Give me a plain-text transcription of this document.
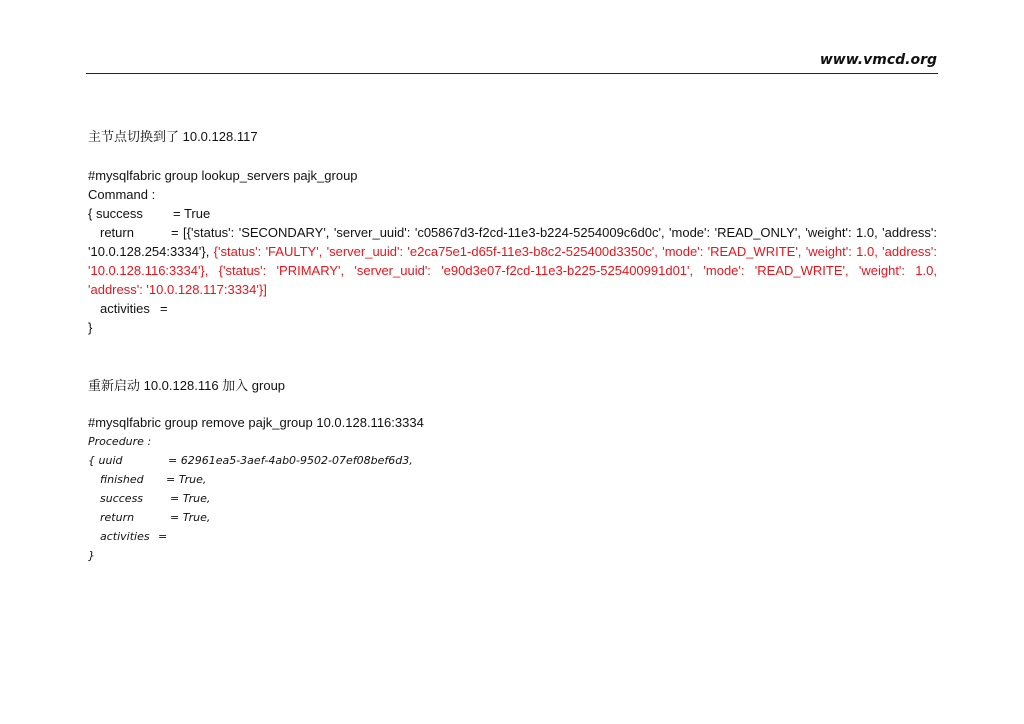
www.vmcd.org
主节点切换到了 10.0.128.117
#mysqlfabric group lookup_servers pajk_group
Command :
{ success = True
return	= [{'status': 'SECONDARY', 'server_uuid': 'c05867d3-f2cd-11e3-b224-5254009c6d0c', 'mode': 'READ_ONLY', 'weight': 1.0, 'address': '10.0.128.254:3334'}, {'status': 'FAULTY', 'server_uuid': 'e2ca75e1-d65f-11e3-b8c2-525400d3350c', 'mode': 'READ_WRITE', 'weight': 1.0, 'address': '10.0.128.116:3334'}, {'status': 'PRIMARY', 'server_uuid': 'e90d3e07-f2cd-11e3-b225-525400991d01', 'mode': 'READ_WRITE', 'weight': 1.0, 'address': '10.0.128.117:3334'}]
activities =
}
重新启动 10.0.128.116 加入 group
#mysqlfabric group remove pajk_group 10.0.128.116:3334
Procedure :
{ uuid	= 62961ea5-3aef-4ab0-9502-07ef08bef6d3,
finished = True,
success = True,
return	= True,
activities =
}
